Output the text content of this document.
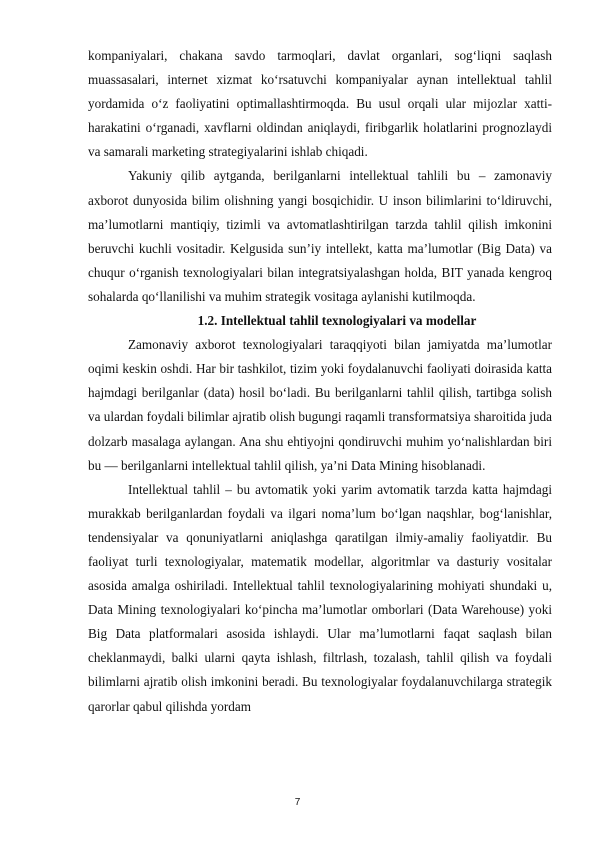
kompaniyalari, chakana savdo tarmoqlari, davlat organlari, sog‘liqni saqlash muassasalari, internet xizmat ko‘rsatuvchi kompaniyalar aynan intellektual tahlil yordamida o‘z faoliyatini optimallashtirmoqda. Bu usul orqali ular mijozlar xatti-harakatini o‘rganadi, xavflarni oldindan aniqlaydi, firibgarlik holatlarini prognozlaydi va samarali marketing strategiyalarini ishlab chiqadi.

Yakuniy qilib aytganda, berilganlarni intellektual tahlili bu – zamonaviy axborot dunyosida bilim olishning yangi bosqichidir. U inson bilimlarini to‘ldiruvchi, ma’lumotlarni mantiqiy, tizimli va avtomatlashtirilgan tarzda tahlil qilish imkonini beruvchi kuchli vositadir. Kelgusida sun’iy intellekt, katta ma’lumotlar (Big Data) va chuqur o‘rganish texnologiyalari bilan integratsiyalashgan holda, BIT yanada kengroq sohalarda qo‘llanilishi va muhim strategik vositaga aylanishi kutilmoqda.

1.2. Intellektual tahlil texnologiyalari va modellar

Zamonaviy axborot texnologiyalari taraqqiyoti bilan jamiyatda ma’lumotlar oqimi keskin oshdi. Har bir tashkilot, tizim yoki foydalanuvchi faoliyati doirasida katta hajmdagi berilganlar (data) hosil bo‘ladi. Bu berilganlarni tahlil qilish, tartibga solish va ulardan foydali bilimlar ajratib olish bugungi raqamli transformatsiya sharoitida juda dolzarb masalaga aylangan. Ana shu ehtiyojni qondiruvchi muhim yo‘nalishlardan biri bu — berilganlarni intellektual tahlil qilish, ya’ni Data Mining hisoblanadi.

Intellektual tahlil – bu avtomatik yoki yarim avtomatik tarzda katta hajmdagi murakkab berilganlardan foydali va ilgari noma’lum bo‘lgan naqshlar, bog‘lanishlar, tendensiyalar va qonuniyatlarni aniqlashga qaratilgan ilmiy-amaliy faoliyatdir. Bu faoliyat turli texnologiyalar, matematik modellar, algoritmlar va dasturiy vositalar asosida amalga oshiriladi. Intellektual tahlil texnologiyalarining mohiyati shundaki u, Data Mining texnologiyalari ko‘pincha ma’lumotlar omborlari (Data Warehouse) yoki Big Data platformalari asosida ishlaydi. Ular ma’lumotlarni faqat saqlash bilan cheklanmaydi, balki ularni qayta ishlash, filtrlash, tozalash, tahlil qilish va foydali bilimlarni ajratib olish imkonini beradi. Bu texnologiyalar foydalanuvchilarga strategik qarorlar qabul qilishda yordam

7
